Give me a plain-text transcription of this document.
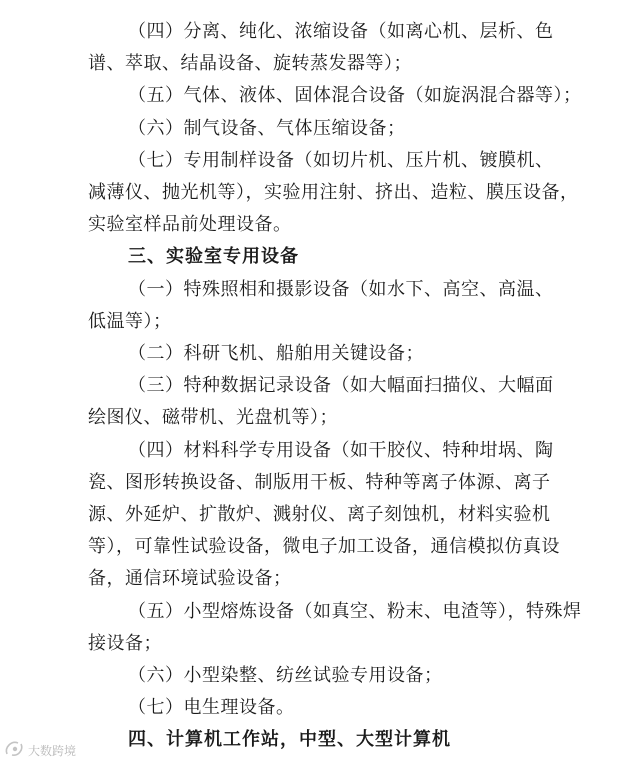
（四）分离、纯化、浓缩设备（如离心机、层析、色
谱、萃取、结晶设备、旋转蒸发器等）；
（五）气体、液体、固体混合设备（如旋涡混合器等）；
（六）制气设备、气体压缩设备；
（七）专用制样设备（如切片机、压片机、镀膜机、
减薄仪、抛光机等），实验用注射、挤出、造粒、膜压设备，
实验室样品前处理设备。
三、实验室专用设备
（一）特殊照相和摄影设备（如水下、高空、高温、
低温等）；
（二）科研飞机、船舶用关键设备；
（三）特种数据记录设备（如大幅面扫描仪、大幅面
绘图仪、磁带机、光盘机等）；
（四）材料科学专用设备（如干胶仪、特种坩埚、陶
瓷、图形转换设备、制版用干板、特种等离子体源、离子
源、外延炉、扩散炉、溅射仪、离子刻蚀机，材料实验机
等），可靠性试验设备，微电子加工设备，通信模拟仿真设
备，通信环境试验设备；
（五）小型熔炼设备（如真空、粉末、电渣等），特殊焊
接设备；
（六）小型染整、纺丝试验专用设备；
（七）电生理设备。
四、计算机工作站，中型、大型计算机
大数跨境
